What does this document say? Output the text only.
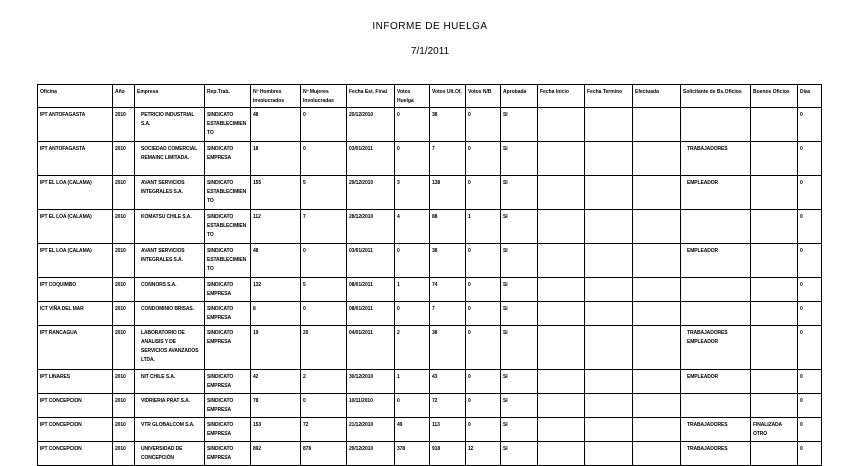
INFORME DE HUELGA
7/1/2011
Oficina	Año	Empresa	Rep.Trab.	Nº Hombres Involucrados	Nº Mujeres Involucradas	Fecha Est. Final	Votos Huelga	Votos Ult.Of.	Votos N/B	Aprobada	Fecha Inicio	Fecha Termino	Efectuada	Solicitante de Bs.Oficios	Buenos Oficios	Días
IPT ANTOFAGASTA	2010	PETRICIO INDUSTRIAL S.A.	SINDICATO ESTABLECIMIENTO	48	0	20/12/2010	0	38	0	SI						0
IPT ANTOFAGASTA	2010	SOCIEDAD COMERCIAL REMAINC LIMITADA.	SINDICATO EMPRESA	18	0	03/01/2011	0	7	0	SI				TRABAJADORES		0
IPT EL LOA (CALAMA)	2010	AVANT SERVICIOS INTEGRALES S.A.	SINDICATO ESTABLECIMIENTO	155	5	29/12/2010	3	138	0	SI				EMPLEADOR		0
IPT EL LOA (CALAMA)	2010	KOMATSU CHILE S.A.	SINDICATO ESTABLECIMIENTO	112	7	28/12/2010	4	88	1	SI						0
IPT EL LOA (CALAMA)	2010	AVANT SERVICIOS INTEGRALES S.A.	SINDICATO ESTABLECIMIENTO	48	0	03/01/2011	0	38	0	SI				EMPLEADOR		0
IPT COQUIMBO	2010	CONNORS S.A.	SINDICATO EMPRESA	132	5	08/01/2011	1	74	0	SI						0
ICT VIÑA DEL MAR	2010	CONDOMINIO BRISAS.	SINDICATO EMPRESA	8	0	08/01/2011	0	7	0	SI						0
IPT RANCAGUA	2010	LABORATORIO DE ANALISIS Y DE SERVICIOS AVANZADOS LTDA.	SINDICATO EMPRESA	19	20	04/01/2011	2	38	0	SI				TRABAJADORES EMPLEADOR		0
IPT LINARES	2010	NIT CHILE S.A.	SINDICATO EMPRESA	42	2	30/12/2010	1	43	0	SI				EMPLEADOR		0
IPT CONCEPCION	2010	VIDRIERIA PRAT S.A.	SINDICATO EMPRESA	78	0	10/11/2010	0	72	0	SI						0
IPT CONCEPCION	2010	VTR GLOBALCOM S.A.	SINDICATO EMPRESA	153	72	21/12/2010	49	113	0	SI				TRABAJADORES	FINALIZADA OTRO	0
IPT CONCEPCION	2010	UNIVERSIDAD DE CONCEPCIÓN	SINDICATO EMPRESA	892	878	29/12/2010	378	918	12	SI				TRABAJADORES		0
